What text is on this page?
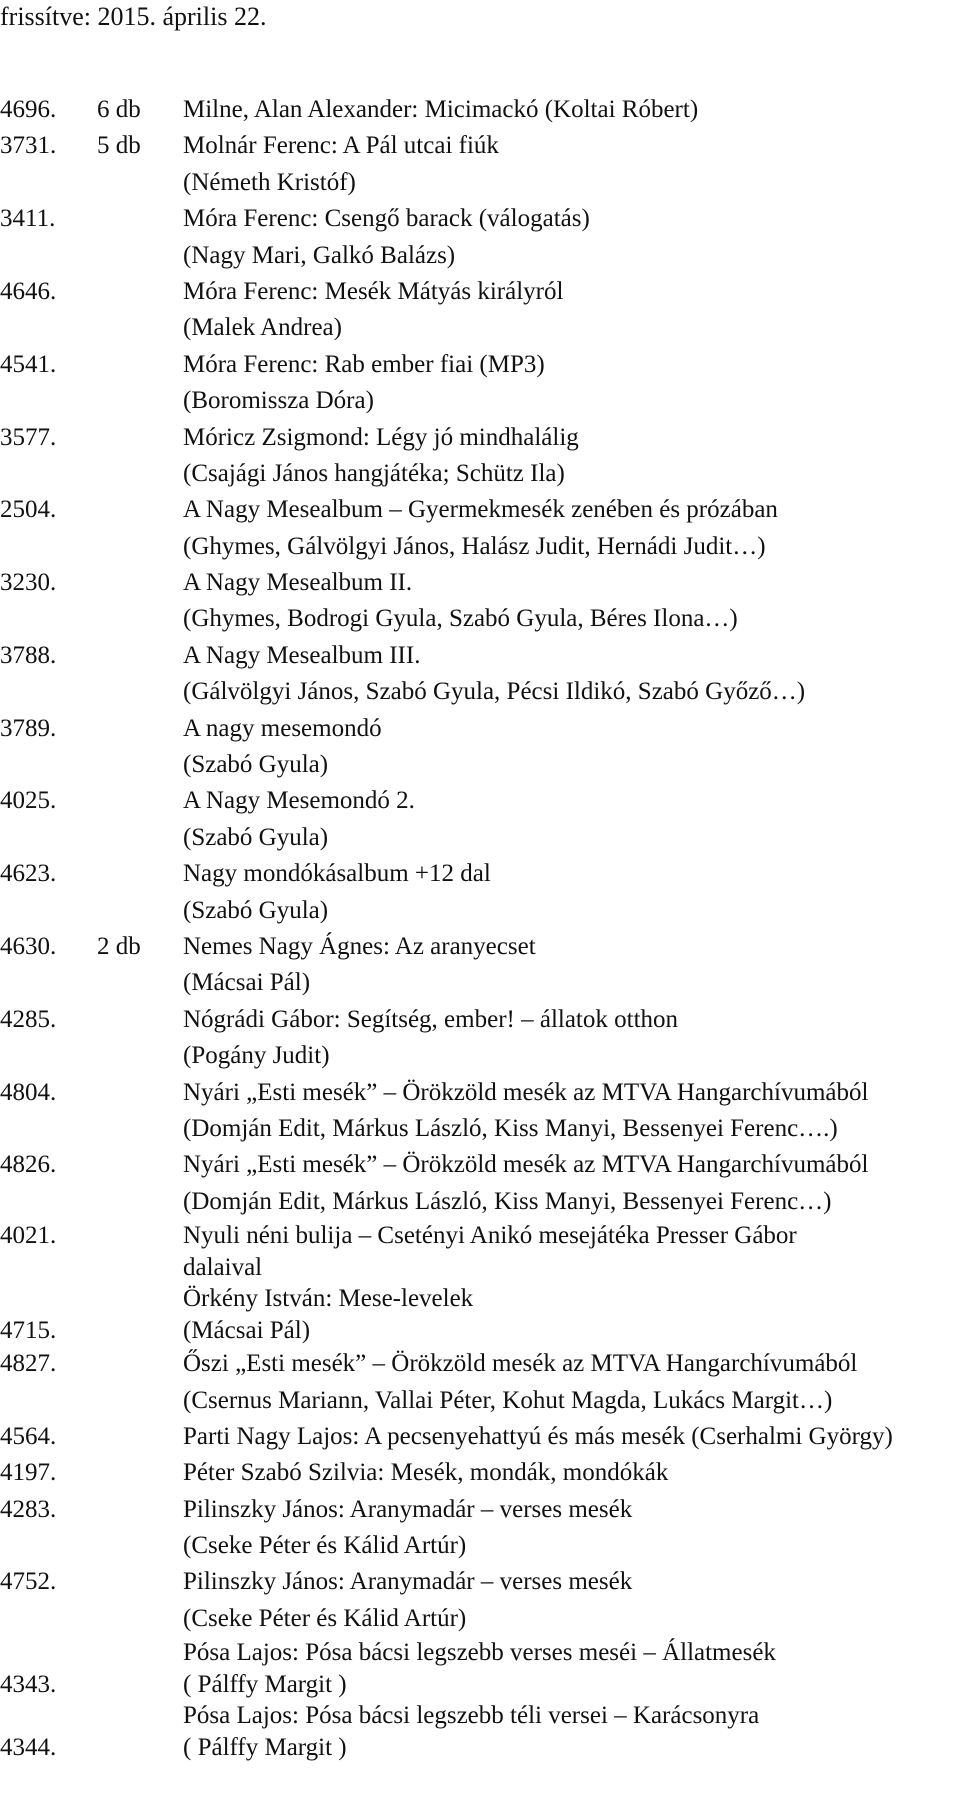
frissítve: 2015. április 22.
4696. 6 db Milne, Alan Alexander: Micimackó (Koltai Róbert)
3731. 5 db Molnár Ferenc: A Pál utcai fiúk
(Németh Kristóf)
3411.	Móra Ferenc: Csengő barack (válogatás)
(Nagy Mari, Galkó Balázs)
4646.	Móra Ferenc: Mesék Mátyás királyról
(Malek Andrea)
4541.	Móra Ferenc: Rab ember fiai (MP3)
(Boromissza Dóra)
3577.	Móricz Zsigmond: Légy jó mindhalálig
(Csajági János hangjátéka; Schütz Ila)
2504.	A Nagy Mesealbum – Gyermekmesék zenében és prózában
(Ghymes, Gálvölgyi János, Halász Judit, Hernádi Judit…)
3230.	A Nagy Mesealbum II.
(Ghymes, Bodrogi Gyula, Szabó Gyula, Béres Ilona…)
3788.	A Nagy Mesealbum III.
(Gálvölgyi János, Szabó Gyula, Pécsi Ildikó, Szabó Győző…)
3789.	A nagy mesemondó
(Szabó Gyula)
4025.	A Nagy Mesemondó 2.
(Szabó Gyula)
4623.	Nagy mondókásalbum +12 dal
(Szabó Gyula)
4630. 2 db Nemes Nagy Ágnes: Az aranyecset
(Mácsai Pál)
4285.	Nógrádi Gábor: Segítség, ember! – állatok otthon
(Pogány Judit)
4804.	Nyári „Esti mesék” – Örökzöld mesék az MTVA Hangarchívumából
(Domján Edit, Márkus László, Kiss Manyi, Bessenyei Ferenc….)
4826.	Nyári „Esti mesék” – Örökzöld mesék az MTVA Hangarchívumából
(Domján Edit, Márkus László, Kiss Manyi, Bessenyei Ferenc…)
4021.	Nyuli néni bulija – Csetényi Anikó mesejátéka Presser Gábor
dalaival
Örkény István: Mese-levelek
4715.	(Mácsai Pál)
4827.	Őszi „Esti mesék” – Örökzöld mesék az MTVA Hangarchívumából
(Csernus Mariann, Vallai Péter, Kohut Magda, Lukács Margit…)
4564.	Parti Nagy Lajos: A pecsenyehattyú és más mesék (Cserhalmi György)
4197.	Péter Szabó Szilvia: Mesék, mondák, mondókák
4283.	Pilinszky János: Aranymadár – verses mesék
(Cseke Péter és Kálid Artúr)
4752.	Pilinszky János: Aranymadár – verses mesék
(Cseke Péter és Kálid Artúr)
Pósa Lajos: Pósa bácsi legszebb verses meséi – Állatmesék
4343.	( Pálffy Margit )
Pósa Lajos: Pósa bácsi legszebb téli versei – Karácsonyra
4344.	( Pálffy Margit )
